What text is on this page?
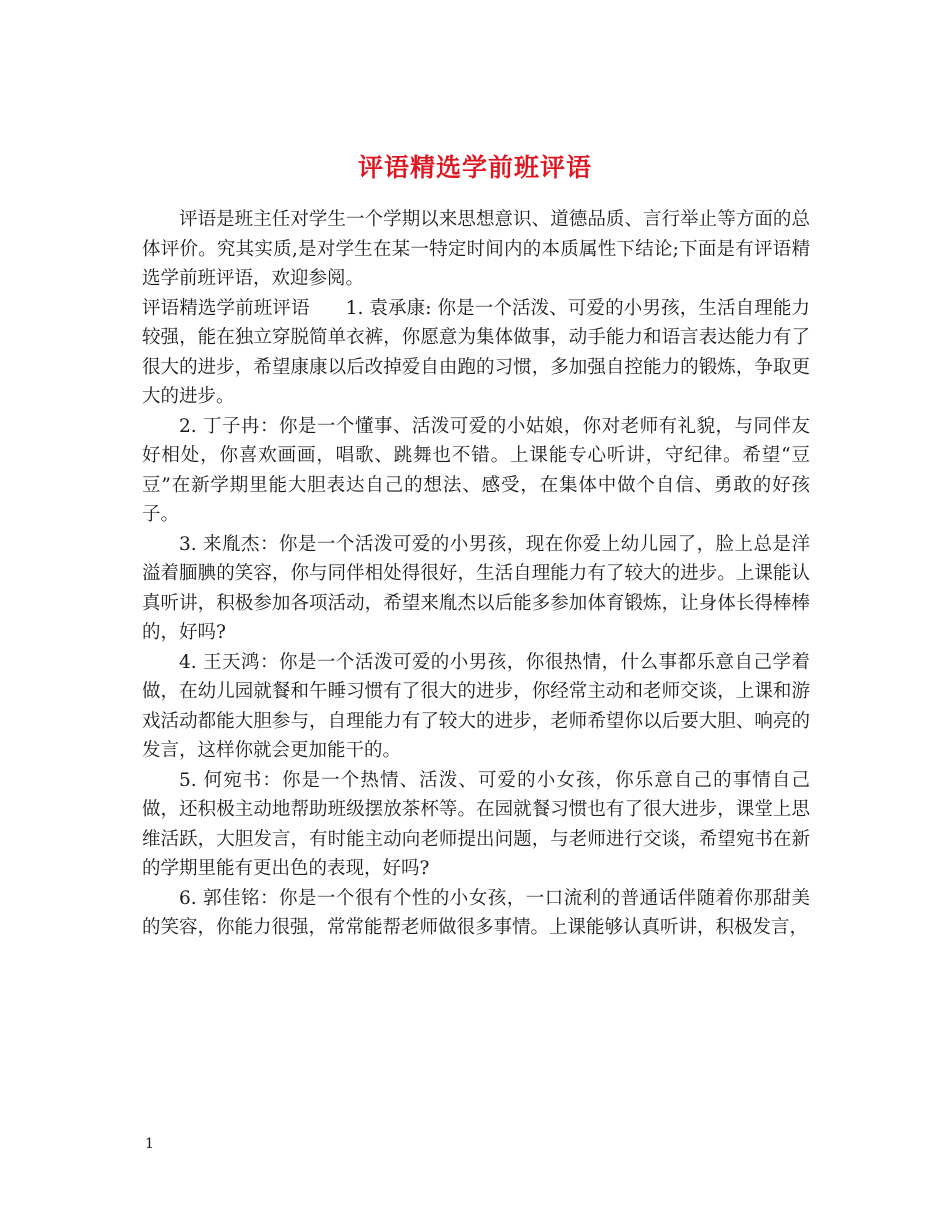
评语精选学前班评语

评语是班主任对学生一个学期以来思想意识、道德品质、言行举止等方面的总体评价。究其实质,是对学生在某一特定时间内的本质属性下结论;下面是有评语精选学前班评语，欢迎参阅。

评语精选学前班评语 1. 袁承康: 你是一个活泼、可爱的小男孩，生活自理能力较强，能在独立穿脱简单衣裤，你愿意为集体做事，动手能力和语言表达能力有了很大的进步，希望康康以后改掉爱自由跑的习惯，多加强自控能力的锻炼，争取更大的进步。

2. 丁子冉：你是一个懂事、活泼可爱的小姑娘，你对老师有礼貌，与同伴友好相处，你喜欢画画，唱歌、跳舞也不错。上课能专心听讲，守纪律。希望“豆豆”在新学期里能大胆表达自己的想法、感受，在集体中做个自信、勇敢的好孩子。

3. 来胤杰：你是一个活泼可爱的小男孩，现在你爱上幼儿园了，脸上总是洋溢着腼腆的笑容，你与同伴相处得很好，生活自理能力有了较大的进步。上课能认真听讲，积极参加各项活动，希望来胤杰以后能多参加体育锻炼，让身体长得棒棒的，好吗?

4. 王天鸿：你是一个活泼可爱的小男孩，你很热情，什么事都乐意自己学着做，在幼儿园就餐和午睡习惯有了很大的进步，你经常主动和老师交谈，上课和游戏活动都能大胆参与，自理能力有了较大的进步，老师希望你以后要大胆、响亮的发言，这样你就会更加能干的。

5. 何宛书：你是一个热情、活泼、可爱的小女孩，你乐意自己的事情自己做，还积极主动地帮助班级摆放茶杯等。在园就餐习惯也有了很大进步，课堂上思维活跃，大胆发言，有时能主动向老师提出问题，与老师进行交谈，希望宛书在新的学期里能有更出色的表现，好吗?

6. 郭佳铭：你是一个很有个性的小女孩，一口流利的普通话伴随着你那甜美的笑容，你能力很强，常常能帮老师做很多事情。上课能够认真听讲，积极发言，

1
